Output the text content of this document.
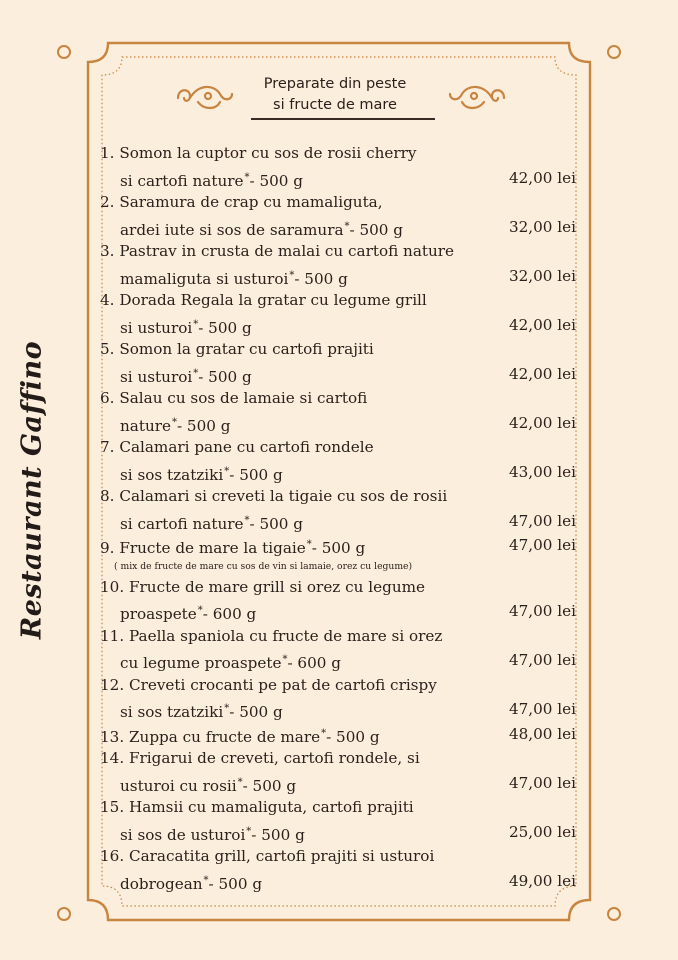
Restaurant Gaffino
Preparate din peste
si fructe de mare
1. Somon la cuptor cu sos de rosii cherry
si cartofi nature*- 500 g	42,00 lei
2. Saramura de crap cu mamaliguta,
ardei iute si sos de saramura*- 500 g	32,00 lei
3. Pastrav in crusta de malai cu cartofi nature
mamaliguta si usturoi*- 500 g	32,00 lei
4. Dorada Regala la gratar cu legume grill
si usturoi*- 500 g	42,00 lei
5. Somon la gratar cu cartofi prajiti
si usturoi*- 500 g	42,00 lei
6. Salau cu sos de lamaie si cartofi
nature*- 500 g	42,00 lei
7. Calamari pane cu cartofi rondele
si sos tzatziki*- 500 g	43,00 lei
8. Calamari si creveti la tigaie cu sos de rosii
si cartofi nature*- 500 g	47,00 lei
9. Fructe de mare la tigaie*- 500 g	47,00 lei
( mix de fructe de mare cu sos de vin si lamaie, orez cu legume)
10. Fructe de mare grill si orez cu legume
proaspete*- 600 g	47,00 lei
11. Paella spaniola cu fructe de mare si orez
cu legume proaspete*- 600 g	47,00 lei
12. Creveti crocanti pe pat de cartofi crispy
si sos tzatziki*- 500 g	47,00 lei
13. Zuppa cu fructe de mare*- 500 g	48,00 lei
14. Frigarui de creveti, cartofi rondele, si
usturoi cu rosii*- 500 g	47,00 lei
15. Hamsii cu mamaliguta, cartofi prajiti
si sos de usturoi*- 500 g	25,00 lei
16. Caracatita grill, cartofi prajiti si usturoi
dobrogean*- 500 g	49,00 lei
